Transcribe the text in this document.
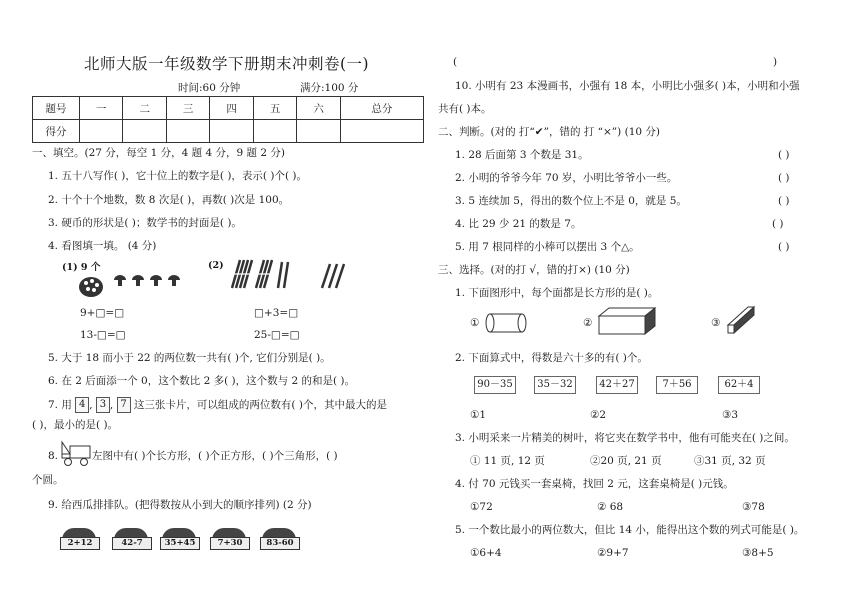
北师大版一年级数学下册期末冲刺卷(一)
时间:60 分钟	满分:100 分
题号	一	二	三	四	五	六	总分
得分							
一、填空。(27 分，每空 1 分，4 题 4 分，9 题 2 分)
1. 五十八写作( )，它十位上的数字是( )，表示( )个( )。
2. 十个十个地数，数 8 次是( )，再数( )次是 100。
3. 硬币的形状是( )；数学书的封面是( )。
4. 看图填一填。 (4 分)
(1) 9 个
9+□=□
13-□=□
(2)
□+3=□
25-□=□
5. 大于 18 而小于 22 的两位数一共有( )个, 它们分别是( )。
6. 在 2 后面添一个 0，这个数比 2 多( )，这个数与 2 的和是( )。
7. 用 4 , 3 , 7 这三张卡片，可以组成的两位数有( )个，其中最大的是
( )，最小的是( )。
8.	左图中有( )个长方形，( )个正方形，( )个三角形，( )
个圆。
9. 给西瓜排排队。(把得数按从小到大的顺序排列) (2 分)
2+12	42-7	35+45	7+30	83-60
(	)
10. 小明有 23 本漫画书，小强有 18 本，小明比小强多( )本，小明和小强
共有( )本。
二、判断。(对的 打“✔”，错的 打 “×”) (10 分)
1. 28 后面第 3 个数是 31。	( )
2. 小明的爷爷今年 70 岁，小明比爷爷小一些。	( )
3. 5 连续加 5，得出的数个位上不是 0，就是 5。	( )
4. 比 29 少 21 的数是 7。	( )
5. 用 7 根同样的小棒可以摆出 3 个△。	( )
三、选择。(对的打 √，错的打×) (10 分)
1. 下面图形中，每个面都是长方形的是( )。
①	②	③
2. 下面算式中，得数是六十多的有( )个。
90－35	35－32	42＋27	7＋56	62＋4
①1	②2	③3
3. 小明采来一片精美的树叶，将它夹在数学书中，他有可能夹在( )之间。
① 11 页, 12 页	②20 页, 21 页	③31 页, 32 页
4. 付 70 元钱买一套桌椅，找回 2 元，这套桌椅是( )元钱。
①72	② 68	③78
5. 一个数比最小的两位数大，但比 14 小，能得出这个数的列式可能是( )。
①6+4	②9+7	③8+5
